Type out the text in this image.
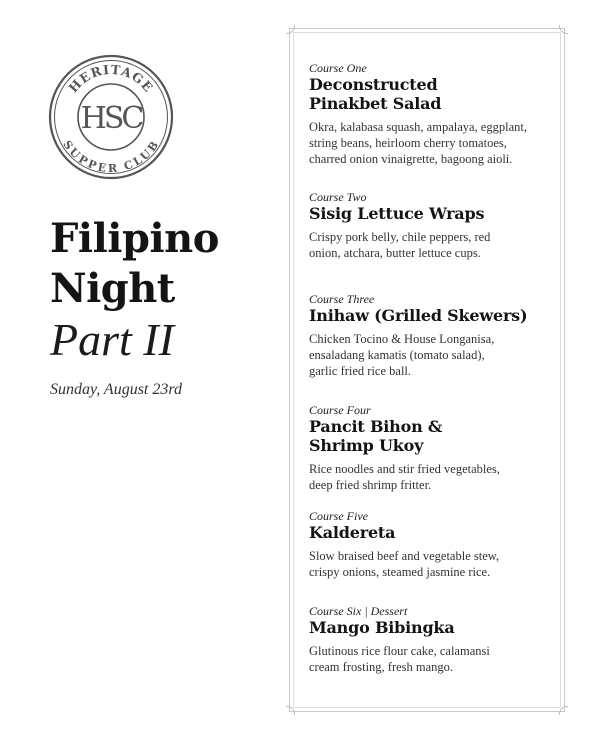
HERITAGE
SUPPER CLUB
HSC
Filipino
Night
Part II
Sunday, August 23rd
Course One
Deconstructed
Pinakbet Salad
Okra, kalabasa squash, ampalaya, eggplant,
string beans, heirloom cherry tomatoes,
charred onion vinaigrette, bagoong aioli.
Course Two
Sisig Lettuce Wraps
Crispy pork belly, chile peppers, red
onion, atchara, butter lettuce cups.
Course Three
Inihaw (Grilled Skewers)
Chicken Tocino & House Longanisa,
ensaladang kamatis (tomato salad),
garlic fried rice ball.
Course Four
Pancit Bihon &
Shrimp Ukoy
Rice noodles and stir fried vegetables,
deep fried shrimp fritter.
Course Five
Kaldereta
Slow braised beef and vegetable stew,
crispy onions, steamed jasmine rice.
Course Six | Dessert
Mango Bibingka
Glutinous rice flour cake, calamansi
cream frosting, fresh mango.
